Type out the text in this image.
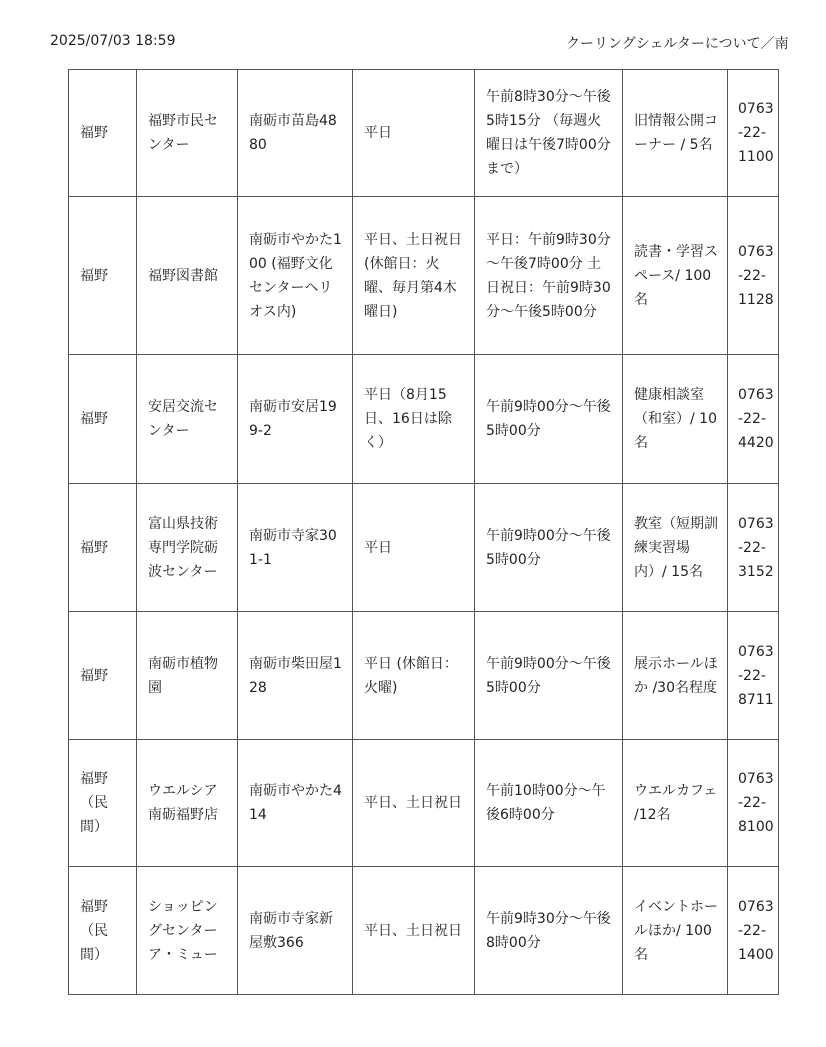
2025/07/03 18:59	クーリングシェルターについて／南
福野	福野市民センター	南砺市苗島4880	平日	午前8時30分～午後5時15分 （毎週火曜日は午後7時00分まで）	旧情報公開コーナー / 5名	0763-22-1100
福野	福野図書館	南砺市やかた100 (福野文化センターヘリオス内)	平日、土日祝日 (休館日：火曜、毎月第4木曜日)	平日：午前9時30分～午後7時00分 土日祝日：午前9時30分～午後5時00分	読書・学習スペース/ 100名	0763-22-1128
福野	安居交流センター	南砺市安居199-2	平日（8月15日、16日は除く）	午前9時00分～午後5時00分	健康相談室（和室）/ 10名	0763-22-4420
福野	富山県技術専門学院砺波センター	南砺市寺家301-1	平日	午前9時00分～午後5時00分	教室（短期訓練実習場内）/ 15名	0763-22-3152
福野	南砺市植物園	南砺市柴田屋128	平日 (休館日：火曜)	午前9時00分～午後5時00分	展示ホールほか /30名程度	0763-22-8711
福野（民間）	ウエルシア南砺福野店	南砺市やかた414	平日、土日祝日	午前10時00分～午後6時00分	ウエルカフェ /12名	0763-22-8100
福野（民間）	ショッピングセンター ア・ミュー	南砺市寺家新屋敷366	平日、土日祝日	午前9時30分～午後8時00分	イベントホールほか/ 100名	0763-22-1400
